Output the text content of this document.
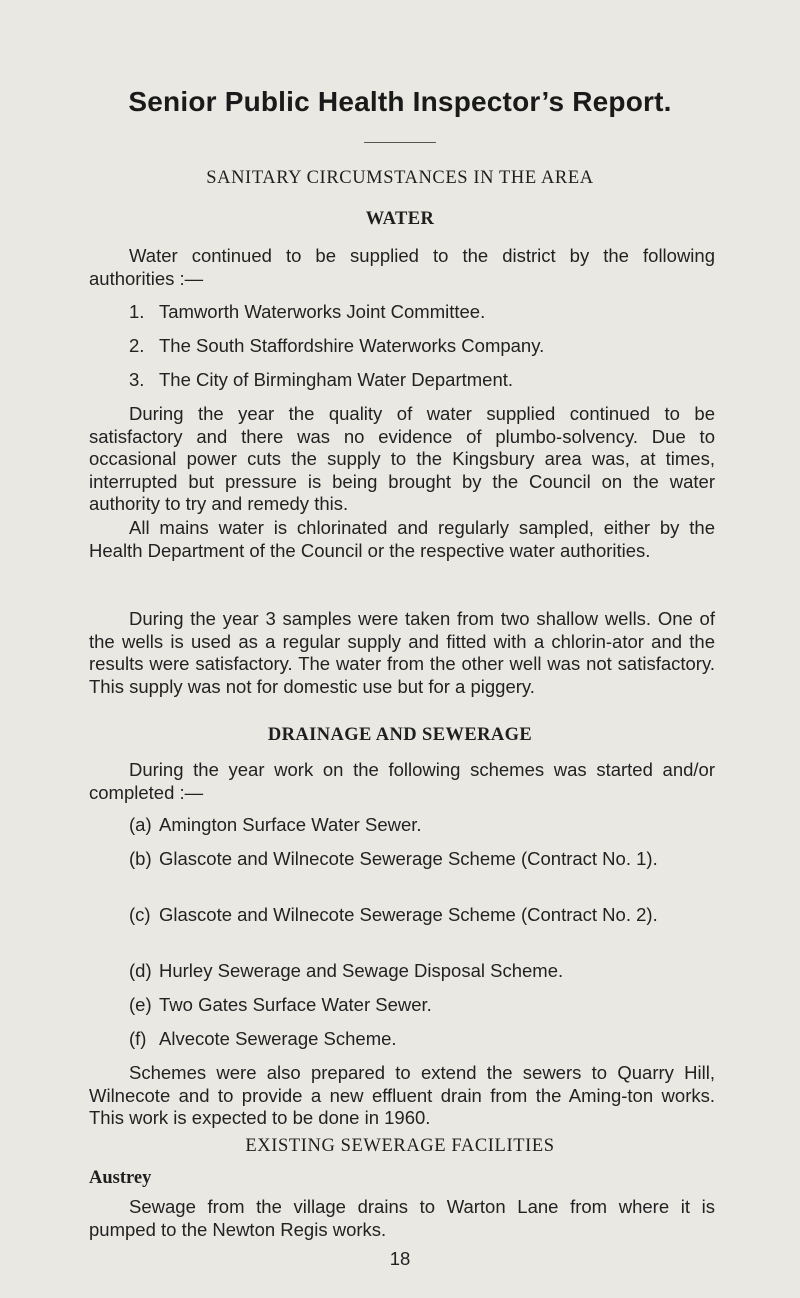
Senior Public Health Inspector’s Report.
SANITARY CIRCUMSTANCES IN THE AREA
WATER
Water continued to be supplied to the district by the following authorities :—
1. Tamworth Waterworks Joint Committee.
2. The South Staffordshire Waterworks Company.
3. The City of Birmingham Water Department.
During the year the quality of water supplied continued to be satisfactory and there was no evidence of plumbo-solvency. Due to occasional power cuts the supply to the Kingsbury area was, at times, interrupted but pressure is being brought by the Council on the water authority to try and remedy this.
All mains water is chlorinated and regularly sampled, either by the Health Department of the Council or the respective water authorities.
During the year 3 samples were taken from two shallow wells. One of the wells is used as a regular supply and fitted with a chlorin-ator and the results were satisfactory. The water from the other well was not satisfactory. This supply was not for domestic use but for a piggery.
DRAINAGE AND SEWERAGE
During the year work on the following schemes was started and/or completed :—
(a) Amington Surface Water Sewer.
(b) Glascote and Wilnecote Sewerage Scheme (Contract No. 1).
(c) Glascote and Wilnecote Sewerage Scheme (Contract No. 2).
(d) Hurley Sewerage and Sewage Disposal Scheme.
(e) Two Gates Surface Water Sewer.
(f) Alvecote Sewerage Scheme.
Schemes were also prepared to extend the sewers to Quarry Hill, Wilnecote and to provide a new effluent drain from the Aming-ton works. This work is expected to be done in 1960.
EXISTING SEWERAGE FACILITIES
Austrey
Sewage from the village drains to Warton Lane from where it is pumped to the Newton Regis works.
18
